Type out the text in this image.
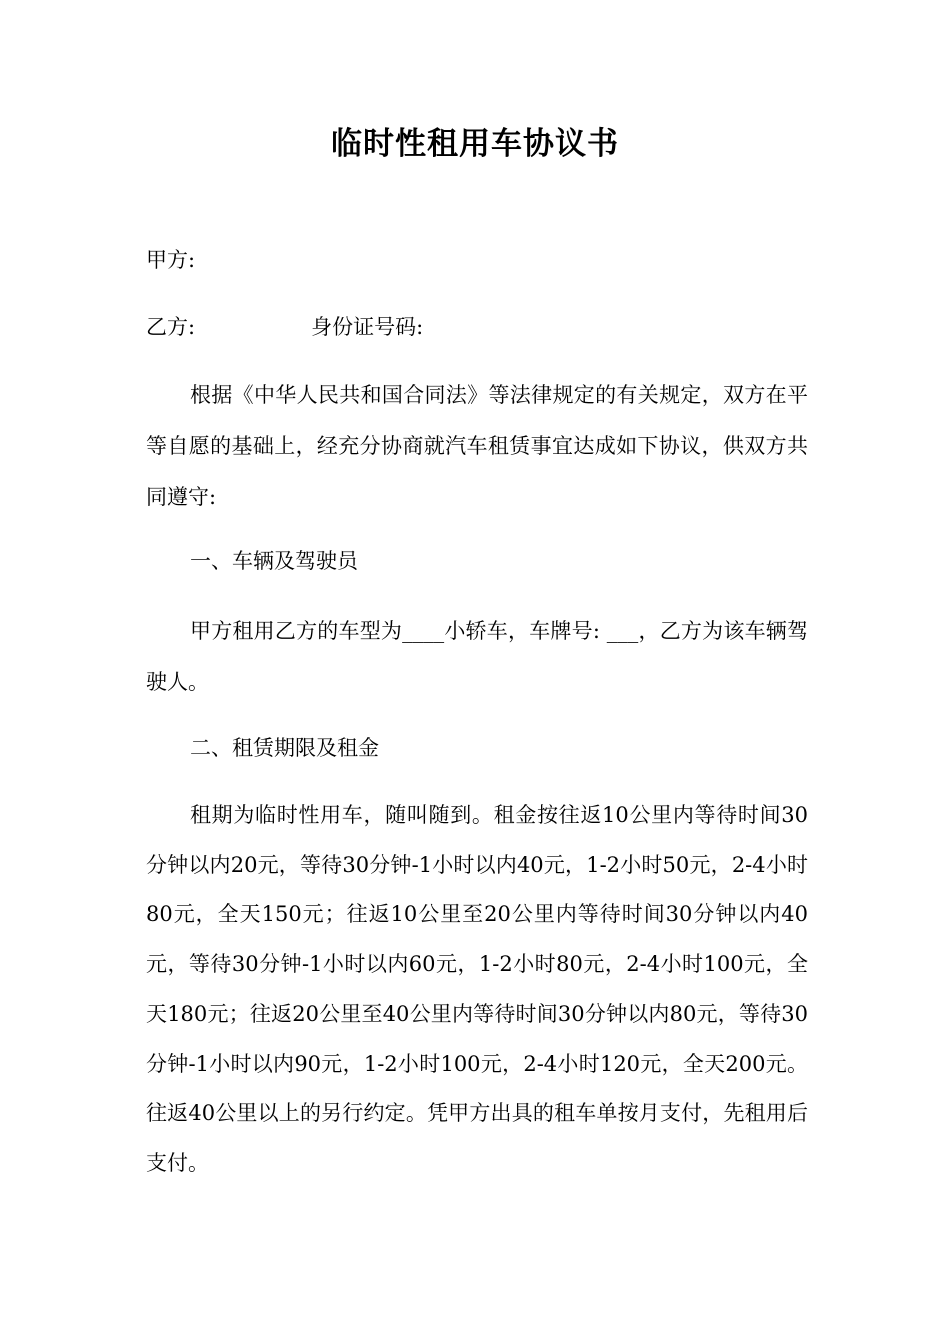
临时性租用车协议书
甲方:
乙方:	身份证号码:
根据《中华人民共和国合同法》等法律规定的有关规定，双方在平等自愿的基础上，经充分协商就汽车租赁事宜达成如下协议，供双方共同遵守:
一、车辆及驾驶员
甲方租用乙方的车型为____小轿车，车牌号: ___，乙方为该车辆驾驶人。
二、租赁期限及租金
租期为临时性用车，随叫随到。租金按往返10公里内等待时间30分钟以内20元，等待30分钟-1小时以内40元，1-2小时50元，2-4小时80元，全天150元；往返10公里至20公里内等待时间30分钟以内40元，等待30分钟-1小时以内60元，1-2小时80元，2-4小时100元，全天180元；往返20公里至40公里内等待时间30分钟以内80元，等待30分钟-1小时以内90元，1-2小时100元，2-4小时120元，全天200元。往返40公里以上的另行约定。凭甲方出具的租车单按月支付，先租用后支付。
